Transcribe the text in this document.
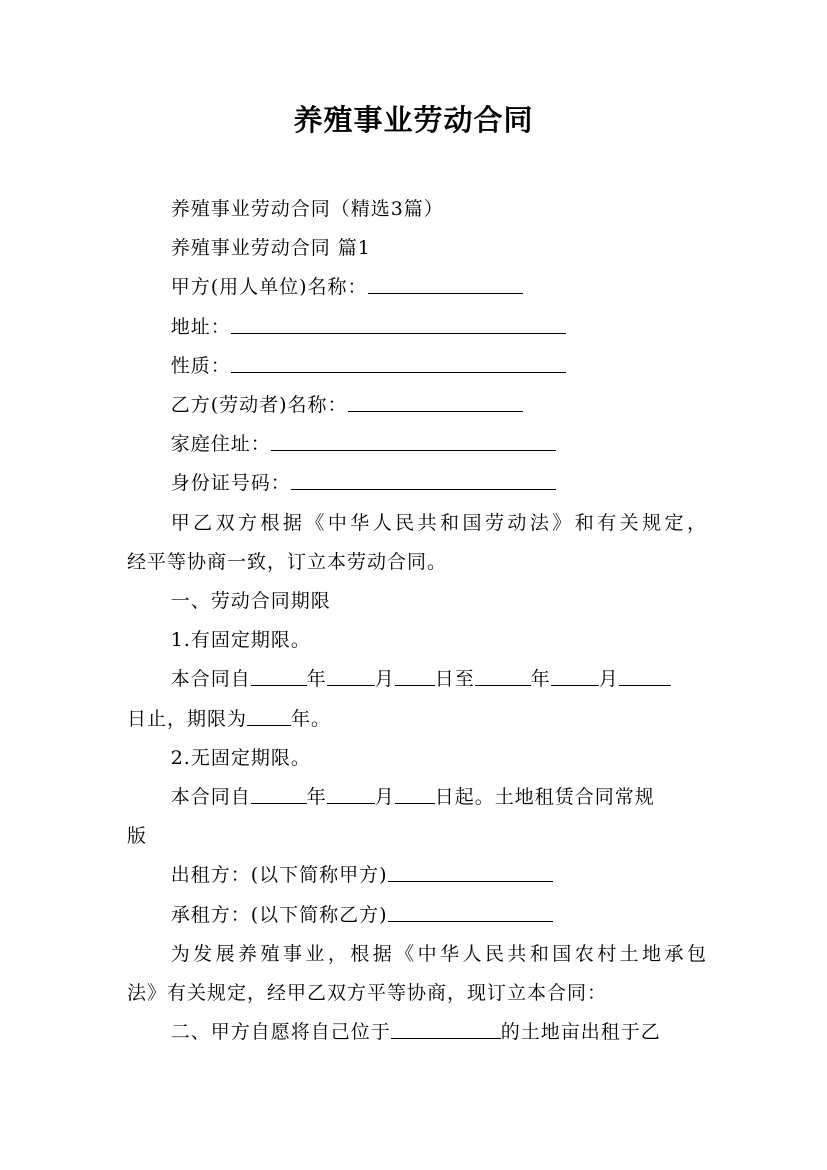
养殖事业劳动合同

养殖事业劳动合同（精选3篇）

养殖事业劳动合同 篇1

甲方(用人单位)名称：

地址：

性质：

乙方(劳动者)名称：

家庭住址：

身份证号码：

甲乙双方根据《中华人民共和国劳动法》和有关规定，

经平等协商一致，订立本劳动合同。

一、劳动合同期限

1.有固定期限。

本合同自	年	月 日至	年	月

日止，期限为 年。

2.无固定期限。

本合同自	年	月 日起。土地租赁合同常规

版

出租方：(以下简称甲方)

承租方：(以下简称乙方)

为发展养殖事业，根据《中华人民共和国农村土地承包

法》有关规定，经甲乙双方平等协商，现订立本合同：

二、甲方自愿将自己位于	的土地亩出租于乙
